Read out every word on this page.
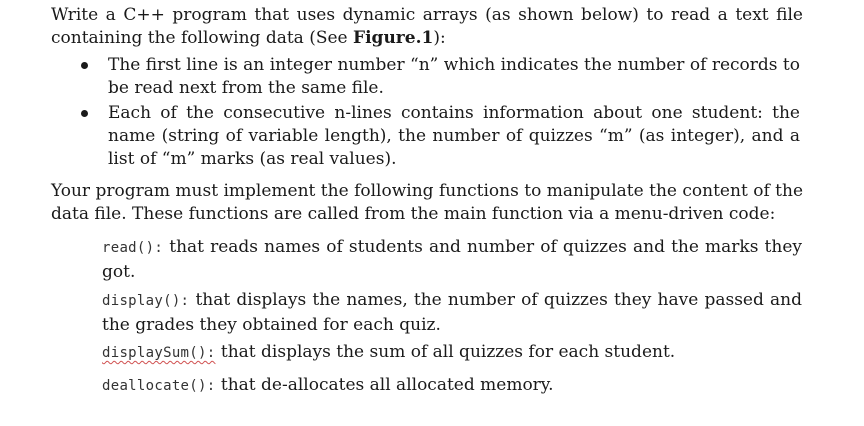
Write a C++ program that uses dynamic arrays (as shown below) to read a text file containing the following data (See Figure.1):
The first line is an integer number “n” which indicates the number of records to be read next from the same file.
Each of the consecutive n-lines contains information about one student: the name (string of variable length), the number of quizzes “m” (as integer), and a list of “m” marks (as real values).
Your program must implement the following functions to manipulate the content of the data file. These functions are called from the main function via a menu-driven code:
read(): that reads names of students and number of quizzes and the marks they got.
display(): that displays the names, the number of quizzes they have passed and the grades they obtained for each quiz.
displaySum(): that displays the sum of all quizzes for each student.
deallocate(): that de-allocates all allocated memory.
